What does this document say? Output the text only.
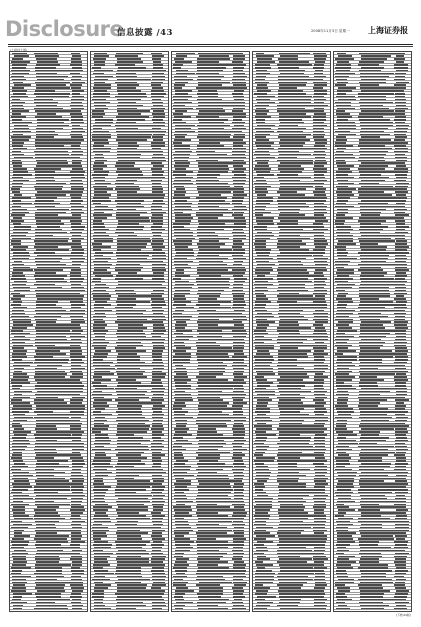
Disclosure
信息披露 /43	2008年11月3日 星期一 上海证券报
(上接封十版)
(下转44版)
